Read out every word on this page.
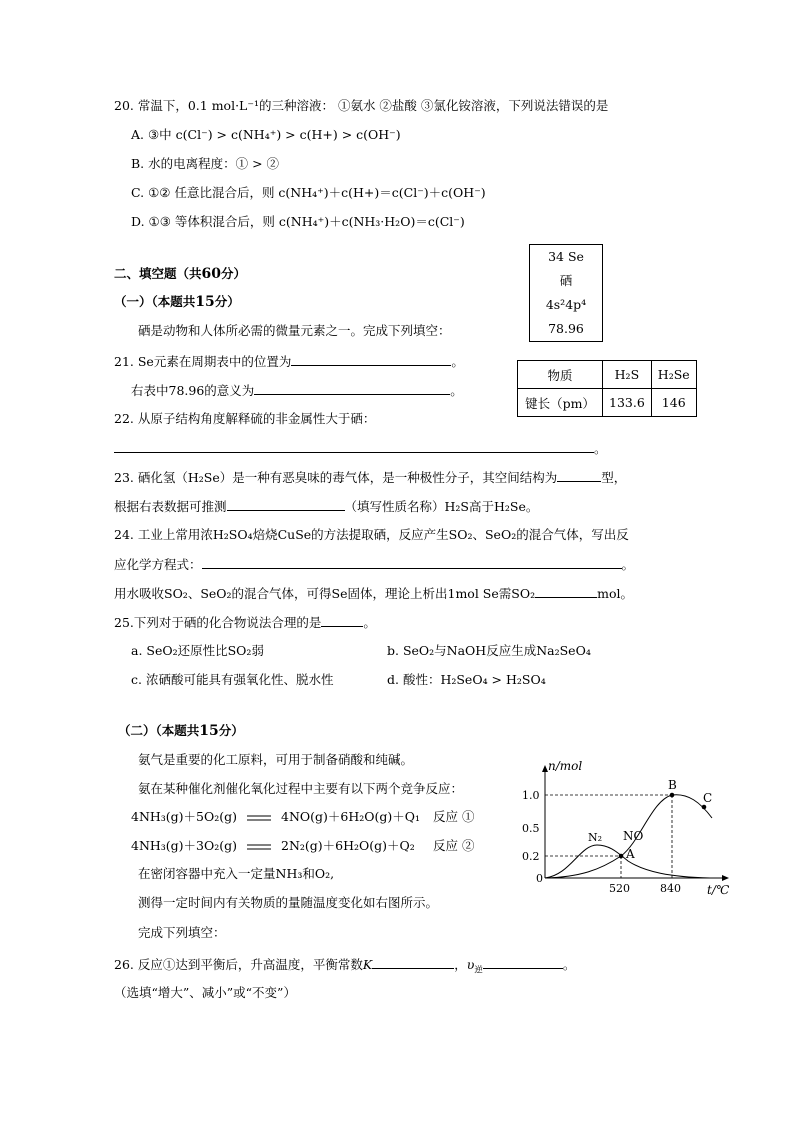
20. 常温下，0.1 mol·L⁻¹的三种溶液： ①氨水 ②盐酸 ③氯化铵溶液，下列说法错误的是
A. ③中 c(Cl⁻) > c(NH₄⁺) > c(H+) > c(OH⁻)
B. 水的电离程度：① > ②
C. ①② 任意比混合后，则 c(NH₄⁺)＋c(H+)＝c(Cl⁻)＋c(OH⁻)
D. ①③ 等体积混合后，则 c(NH₄⁺)＋c(NH₃·H₂O)＝c(Cl⁻)
二、填空题（共60分）
（一）（本题共15分）
34 Se
硒
4s²4p⁴
78.96
硒是动物和人体所必需的微量元素之一。完成下列填空：
物质	H₂S	H₂Se
键长（pm）	133.6	146
21. Se元素在周期表中的位置为	。
右表中78.96的意义为	。
22. 从原子结构角度解释硫的非金属性大于硒：
。
23. 硒化氢（H₂Se）是一种有恶臭味的毒气体，是一种极性分子，其空间结构为	型，
根据右表数据可推测	（填写性质名称）H₂S高于H₂Se。
24. 工业上常用浓H₂SO₄焙烧CuSe的方法提取硒，反应产生SO₂、SeO₂的混合气体，写出反
应化学方程式：	。
用水吸收SO₂、SeO₂的混合气体，可得Se固体，理论上析出1mol Se需SO₂	mol。
25.下列对于硒的化合物说法合理的是	。
a. SeO₂还原性比SO₂弱	b. SeO₂与NaOH反应生成Na₂SeO₄
c. 浓硒酸可能具有强氧化性、脱水性	d. 酸性：H₂SeO₄ > H₂SO₄
（二）（本题共15分）
氨气是重要的化工原料，可用于制备硝酸和纯碱。
氨在某种催化剂催化氧化过程中主要有以下两个竞争反应：
4NH₃(g)＋5O₂(g)	4NO(g)＋6H₂O(g)＋Q₁ 反应 ①
4NH₃(g)＋3O₂(g)	2N₂(g)＋6H₂O(g)＋Q₂ 反应 ②
在密闭容器中充入一定量NH₃和O₂,
测得一定时间内有关物质的量随温度变化如右图所示。
完成下列填空：
n/mol
t/℃
0
1.0
0.5
0.2
520	840
NO
N₂
A
B
C
26. 反应①达到平衡后，升高温度，平衡常数K	，$\upsilon_逆$	。
（选填“增大”、减小”或“不变”）
